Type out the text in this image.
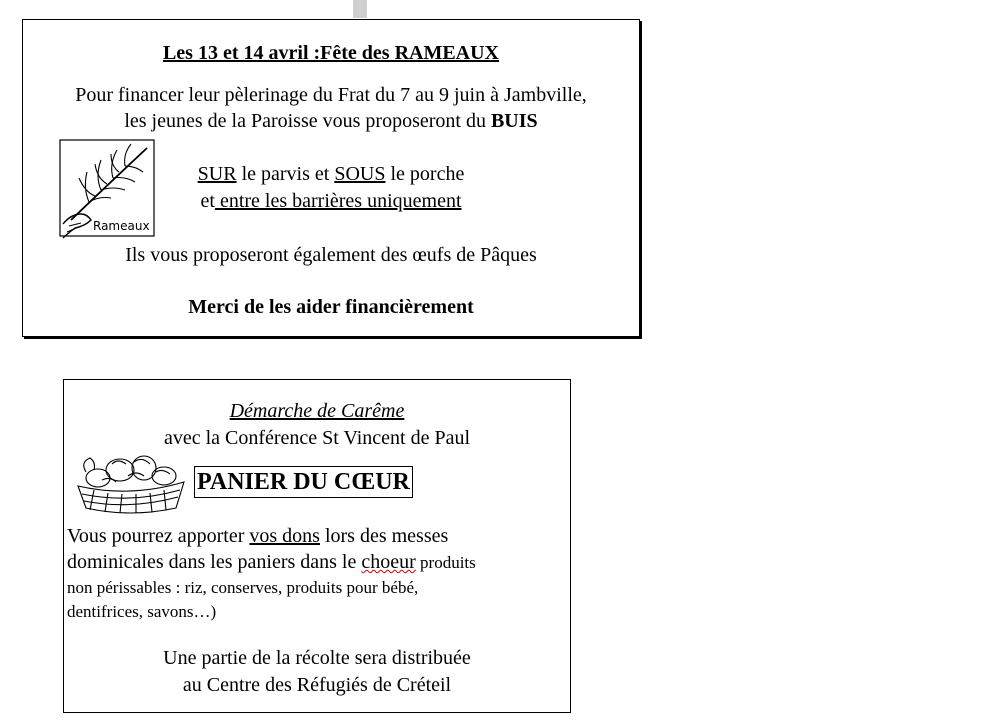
Les 13 et 14 avril :Fête des RAMEAUX
Pour financer leur pèlerinage du Frat du 7 au 9 juin à Jambville,
les jeunes de la Paroisse vous proposeront du BUIS
Rameaux
SUR le parvis et SOUS le porche
et entre les barrières uniquement
Ils vous proposeront également des œufs de Pâques
Merci de les aider financièrement
Démarche de Carême
avec la Conférence St Vincent de Paul
PANIER DU CŒUR
Vous pourrez apporter vos dons lors des messes
dominicales dans les paniers dans le choeur produits
non périssables : riz, conserves, produits pour bébé,
dentifrices, savons…)
Une partie de la récolte sera distribuée
au Centre des Réfugiés de Créteil
